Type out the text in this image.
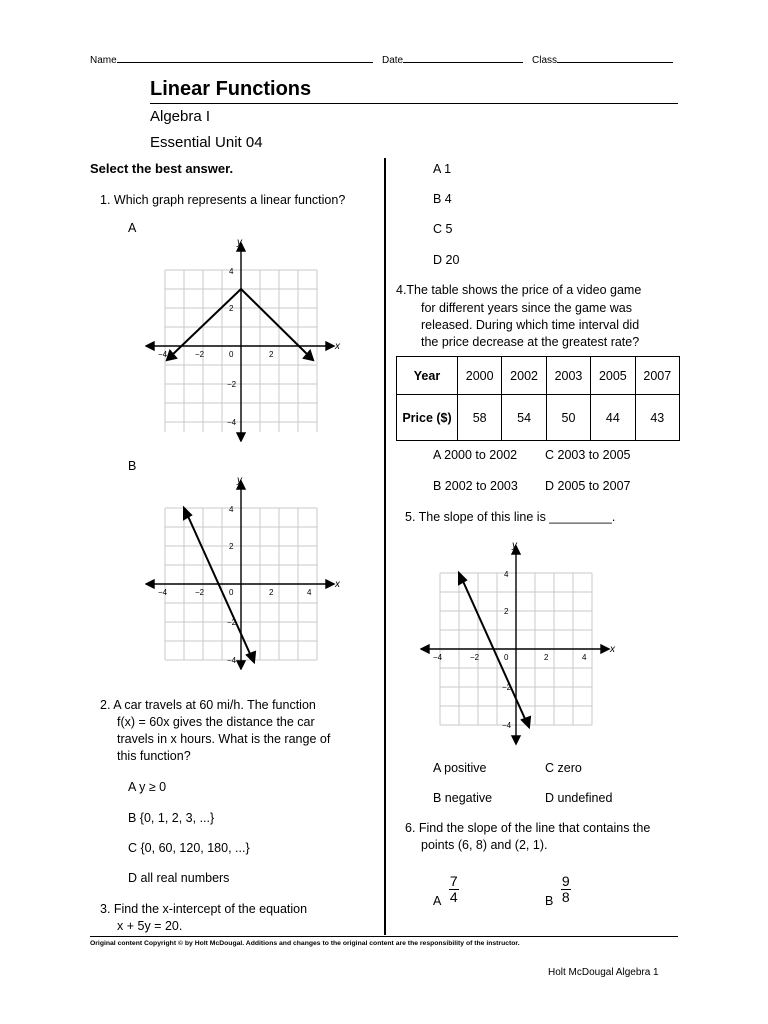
Name	Date	Class
Linear Functions
Algebra I
Essential Unit 04
Select the best answer.
1. Which graph represents a linear function?
A
y
x
−4	−2	0	2	4
4
2
−2
−4
B
y
x
−4	−2	0	2	4
4
2
−2
−4
2. A car travels at 60 mi/h. The function
f(x) = 60x gives the distance the car
travels in x hours. What is the range of
this function?
A y ≥ 0
B {0, 1, 2, 3, ...}
C {0, 60, 120, 180, ...}
D all real numbers
3. Find the x-intercept of the equation
x + 5y = 20.
A 1
B 4
C 5
D 20
4.The table shows the price of a video game
for different years since the game was
released. During which time interval did
the price decrease at the greatest rate?
Year	2000	2002	2003	2005	2007
Price ($)	58	54	50	44	43
A 2000 to 2002 C 2003 to 2005
B 2002 to 2003 D 2005 to 2007
5. The slope of this line is _________.
y
x
−4	−2	0	2	4
4
2
−2
−4
A positive	C zero
B negative	D undefined
6. Find the slope of the line that contains the
points (6, 8) and (2, 1).
A $\frac{7}{4}$	B $\frac{9}{8}$
Original content Copyright © by Holt McDougal. Additions and changes to the original content are the responsibility of the instructor.
Holt McDougal Algebra 1
